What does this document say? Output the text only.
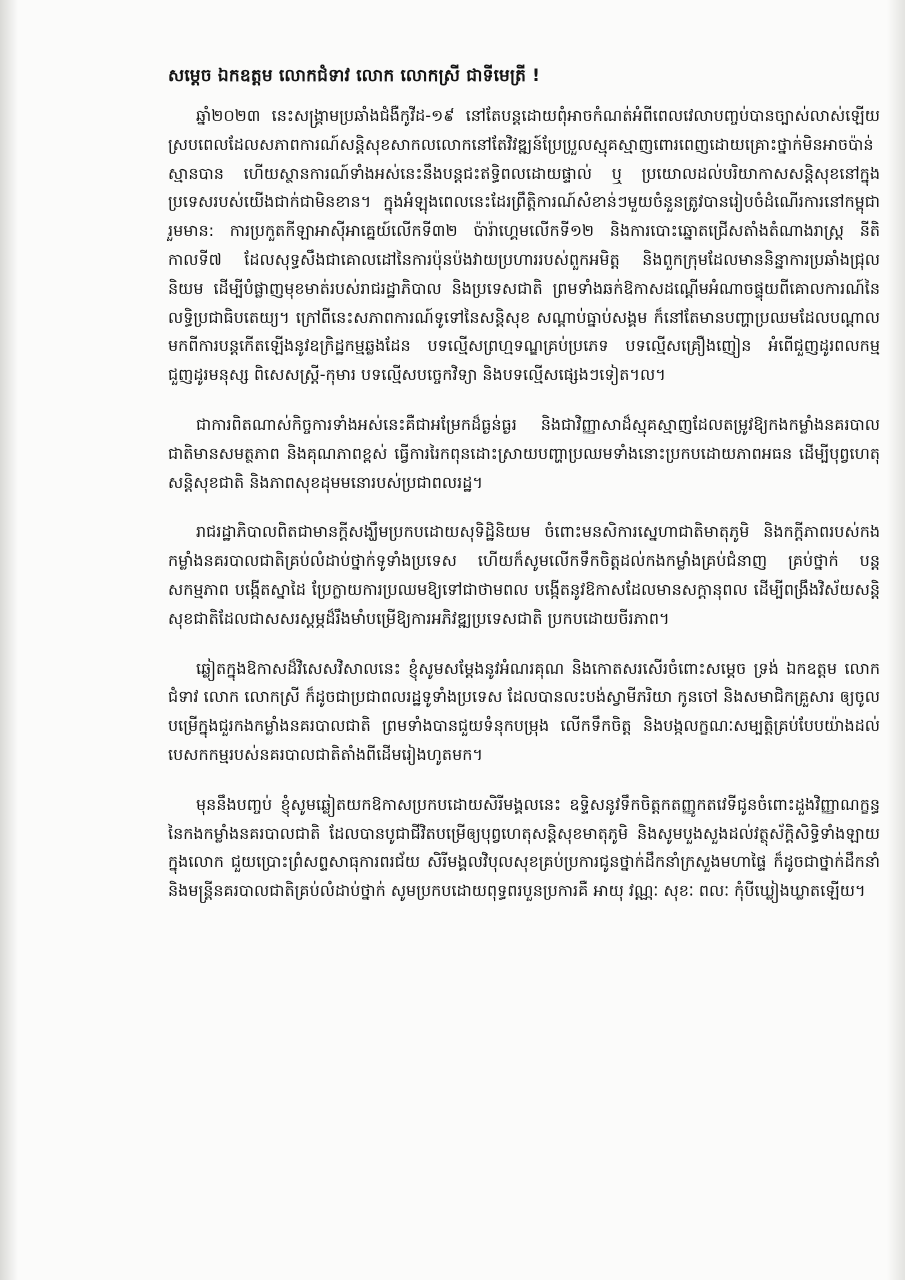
សម្តេច ឯកឧត្តម លោកជំទាវ លោក លោកស្រី ជាទីមេត្រី !

ឆ្នាំ២០២៣ នេះសង្គ្រាមប្រឆាំងជំងឺកូវីដ-១៩ នៅតែបន្តដោយពុំអាចកំណត់អំពីពេលវេលាបញ្ចប់បានច្បាស់លាស់ឡើយ ស្របពេលដែលសភាពការណ៍សន្តិសុខសាកលលោកនៅតែវិវឌ្ឍន៍ប្រែប្រួលស្មុគស្មាញពោរពេញដោយគ្រោះថ្នាក់មិនអាចប៉ាន់ស្មានបាន ហើយស្ថានការណ៍ទាំងអស់នេះនឹងបន្តជះឥទ្ធិពលដោយផ្ទាល់ ឬ ប្រយោលដល់បរិយាកាសសន្តិសុខនៅក្នុងប្រទេសរបស់យើងជាក់ជាមិនខាន។ ក្នុងអំឡុងពេលនេះដែរព្រឹត្តិការណ៍សំខាន់ៗមួយចំនួនត្រូវបានរៀបចំដំណើរការនៅកម្ពុជារួមមាន: ការប្រកួតកីឡាអាស៊ីអាគ្នេយ៍លើកទី៣២ ប៉ារ៉ាហ្គេមលើកទី១២ និងការបោះឆ្នោតជ្រើសតាំងតំណាងរាស្ត្រ នីតិកាលទី៧ ដែលសុទ្ធសឹងជាគោលដៅនៃការប៉ុនប៉ងវាយប្រហាររបស់ពួកអមិត្ត និងពួកក្រុមដែលមាននិន្នាការប្រឆាំងជ្រុលនិយម ដើម្បីបំផ្លាញមុខមាត់របស់រាជរដ្ឋាភិបាល និងប្រទេសជាតិ ព្រមទាំងឆក់ឱកាសដណ្តើមអំណាចផ្ទុយពីគោលការណ៍នៃលទ្ធិប្រជាធិបតេយ្យ។ ក្រៅពីនេះសភាពការណ៍ទូទៅនៃសន្តិសុខ សណ្តាប់ធ្នាប់សង្គម ក៏នៅតែមានបញ្ហាប្រឈមដែលបណ្តាលមកពីការបន្តកើតឡើងនូវឧក្រិដ្ឋកម្មឆ្លងដែន បទល្មើសព្រហ្មទណ្ឌគ្រប់ប្រភេទ បទល្មើសគ្រឿងញៀន អំពើជួញដូរពលកម្ម ជួញដូរមនុស្ស ពិសេសស្ត្រី-កុមារ បទល្មើសបច្ចេកវិទ្យា និងបទល្មើសផ្សេងៗទៀត។ល។

ជាការពិតណាស់កិច្ចការទាំងអស់នេះគឺជាអម្រែកដ៏ធ្ងន់ធ្ងរ និងជាវិញ្ញាសាដ៏ស្មុគស្មាញដែលតម្រូវឱ្យកងកម្លាំងនគរបាលជាតិមានសមត្ថភាព និងគុណភាពខ្ពស់ ធ្វើការរៃកពុនដោះស្រាយបញ្ហាប្រឈមទាំងនោះប្រកបដោយភាពអធន ដើម្បីបុព្វហេតុសន្តិសុខជាតិ និងភាពសុខដុមមនោរបស់ប្រជាពលរដ្ឋ។

រាជរដ្ឋាភិបាលពិតជាមានក្តីសង្ឃឹមប្រកបដោយសុទិដ្ឋិនិយម ចំពោះមនសិការស្នេហាជាតិមាតុភូមិ និងកក្តីភាពរបស់កងកម្លាំងនគរបាលជាតិគ្រប់លំដាប់ថ្នាក់ទូទាំងប្រទេស ហើយក៏សូមលើកទឹកចិត្តដល់កងកម្លាំងគ្រប់ជំនាញ គ្រប់ថ្នាក់ បន្តសកម្មភាព បង្កើតស្នាដៃ ប្រែក្លាយការប្រឈមឱ្យទៅជាថាមពល បង្កើតនូវឱកាសដែលមានសក្តានុពល ដើម្បីពង្រឹងវិស័យសន្តិសុខជាតិដែលជាសសរស្តម្ភដ៏រឹងមាំបម្រើឱ្យការអភិវឌ្ឍប្រទេសជាតិ ប្រកបដោយចីរភាព។

ឆ្លៀតក្នុងឱកាសដ៏វិសេសវិសាលនេះ ខ្ញុំសូមសម្តែងនូវអំណរគុណ និងកោតសរសើរចំពោះសម្តេច ទ្រង់ ឯកឧត្តម លោកជំទាវ លោក លោកស្រី ក៏ដូចជាប្រជាពលរដ្ឋទូទាំងប្រទេស ដែលបានលះបង់ស្វាមីភរិយា កូនចៅ និងសមាជិកគ្រួសារ ឲ្យចូលបម្រើក្នុងជួរកងកម្លាំងនគរបាលជាតិ ព្រមទាំងបានជួយទំនុកបម្រុង លើកទឹកចិត្ត និងបង្កលក្ខណៈសម្បត្តិគ្រប់បែបយ៉ាងដល់បេសកកម្មរបស់នគរបាលជាតិតាំងពីដើមរៀងហូតមក។

មុននឹងបញ្ចប់ ខ្ញុំសូមឆ្លៀតយកឱកាសប្រកបដោយសិរីមង្គលនេះ ឧទ្ទិសនូវទឹកចិត្តកតញ្ញូកតវេទីជូនចំពោះដួងវិញ្ញាណក្ខន្ធនៃកងកម្លាំងនគរបាលជាតិ ដែលបានបូជាជីវិតបម្រើឲ្យបុព្វហេតុសន្តិសុខមាតុភូមិ និងសូមបួងសួងដល់វត្ថុស័ក្តិសិទ្ធិទាំងឡាយក្នុងលោក ជួយប្រោះព្រំសព្ទសាធុការពរជ័យ សិរីមង្គលវិបុលសុខគ្រប់ប្រការជូនថ្នាក់ដឹកនាំក្រសួងមហាផ្ទៃ ក៏ដូចជាថ្នាក់ដឹកនាំ និងមន្ត្រីនគរបាលជាតិគ្រប់លំដាប់ថ្នាក់ សូមប្រកបដោយពុទ្ធពរបួនប្រការគឺ អាយុ វណ្ណៈ សុខៈ ពលៈ កុំបីឃ្លៀងឃ្លាតឡើយ។
